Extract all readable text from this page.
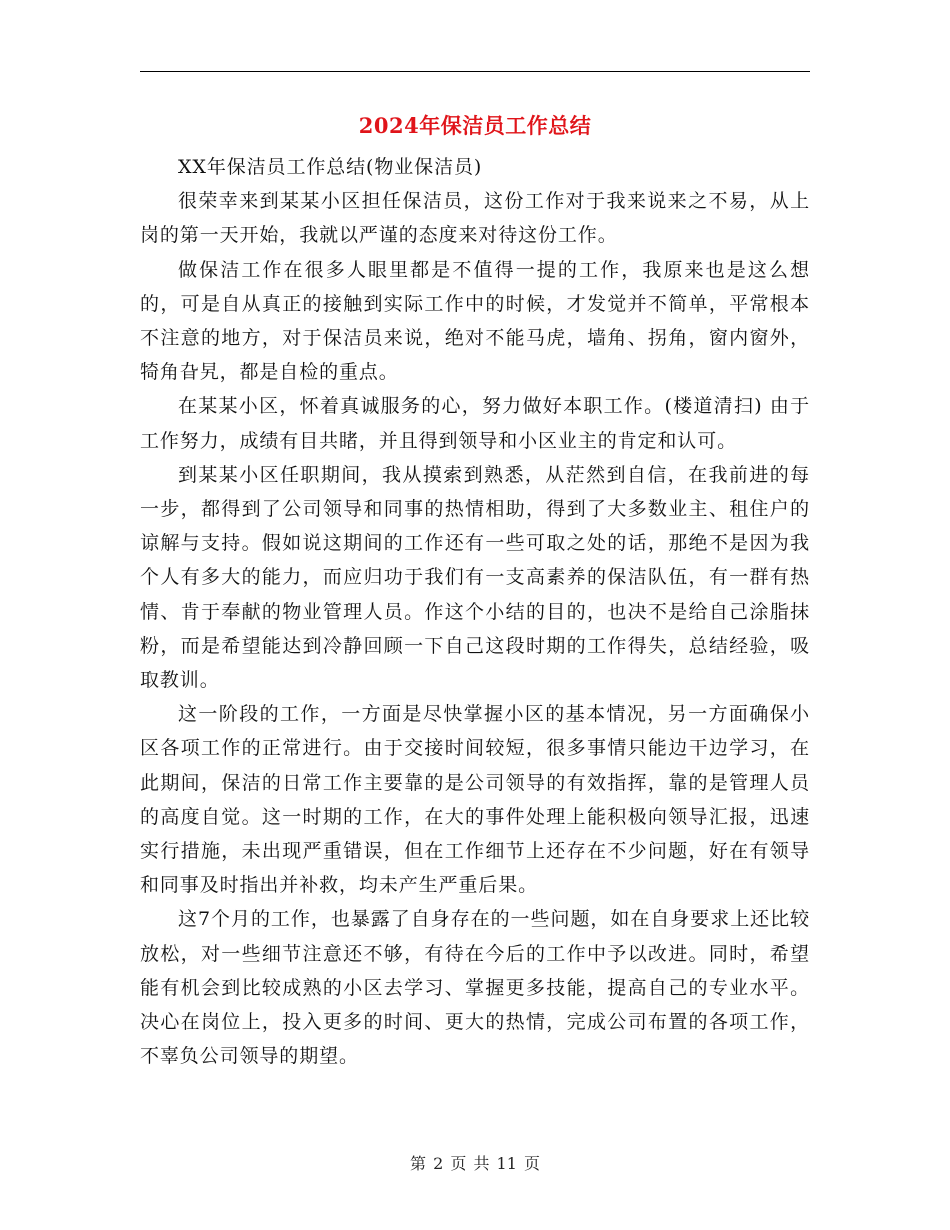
2024年保洁员工作总结

XX年保洁员工作总结(物业保洁员)

很荣幸来到某某小区担任保洁员，这份工作对于我来说来之不易，从上岗的第一天开始，我就以严谨的态度来对待这份工作。

做保洁工作在很多人眼里都是不值得一提的工作，我原来也是这么想的，可是自从真正的接触到实际工作中的时候，才发觉并不简单，平常根本不注意的地方，对于保洁员来说，绝对不能马虎，墙角、拐角，窗内窗外，犄角旮旯，都是自检的重点。

在某某小区，怀着真诚服务的心，努力做好本职工作。(楼道清扫) 由于工作努力，成绩有目共睹，并且得到领导和小区业主的肯定和认可。

到某某小区任职期间，我从摸索到熟悉，从茫然到自信，在我前进的每一步，都得到了公司领导和同事的热情相助，得到了大多数业主、租住户的谅解与支持。假如说这期间的工作还有一些可取之处的话，那绝不是因为我个人有多大的能力，而应归功于我们有一支高素养的保洁队伍，有一群有热情、肯于奉献的物业管理人员。作这个小结的目的，也决不是给自己涂脂抹粉，而是希望能达到冷静回顾一下自己这段时期的工作得失，总结经验，吸取教训。

这一阶段的工作，一方面是尽快掌握小区的基本情况，另一方面确保小区各项工作的正常进行。由于交接时间较短，很多事情只能边干边学习，在此期间，保洁的日常工作主要靠的是公司领导的有效指挥，靠的是管理人员的高度自觉。这一时期的工作，在大的事件处理上能积极向领导汇报，迅速实行措施，未出现严重错误，但在工作细节上还存在不少问题，好在有领导和同事及时指出并补救，均未产生严重后果。

这7个月的工作，也暴露了自身存在的一些问题，如在自身要求上还比较放松，对一些细节注意还不够，有待在今后的工作中予以改进。同时，希望能有机会到比较成熟的小区去学习、掌握更多技能，提高自己的专业水平。决心在岗位上，投入更多的时间、更大的热情，完成公司布置的各项工作，不辜负公司领导的期望。

第 2 页 共 11 页
